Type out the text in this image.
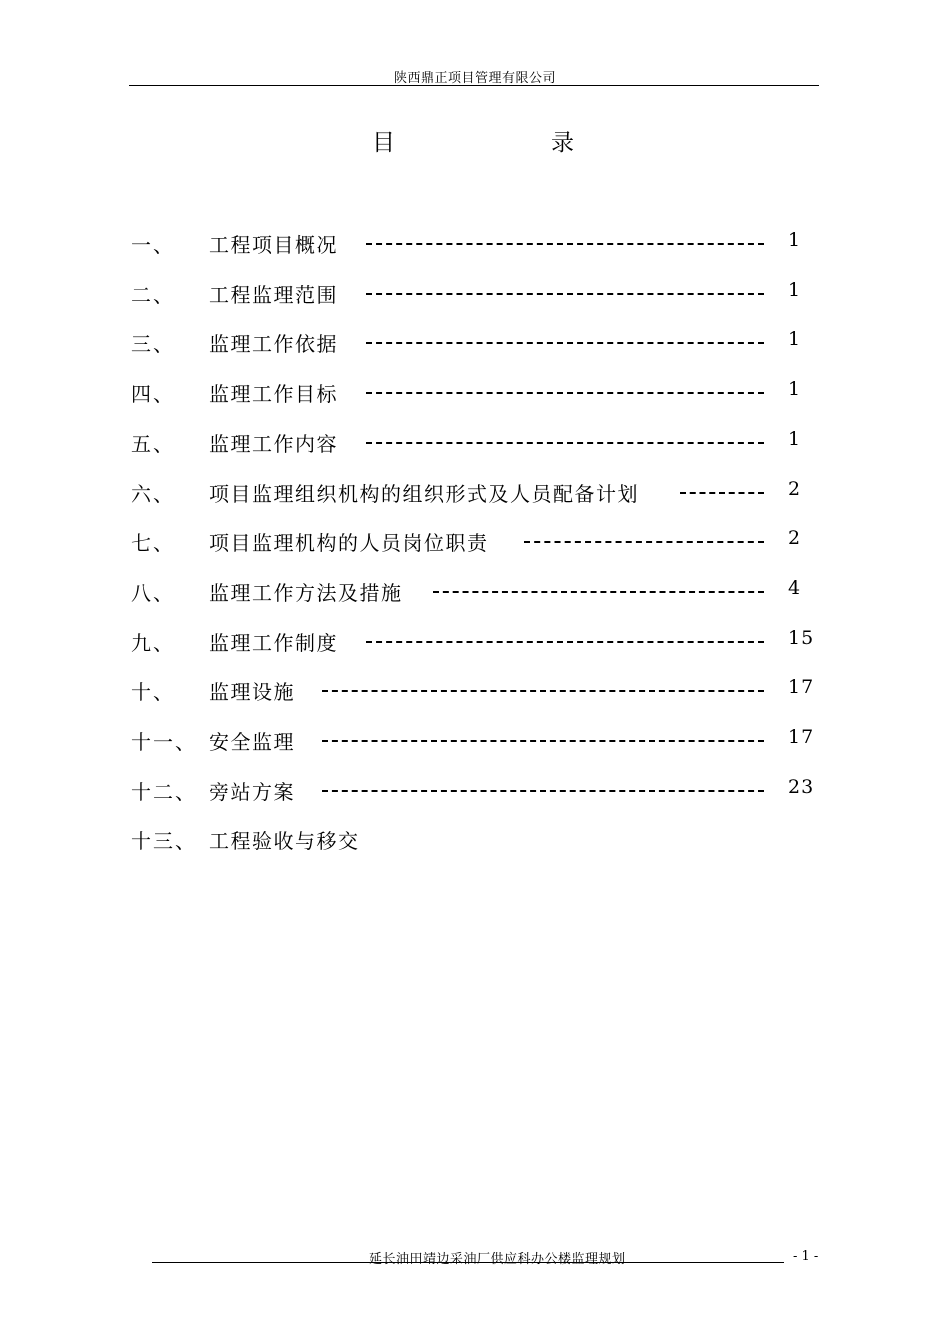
陕西鼎正项目管理有限公司
目	录
一、 工程项目概况	1
二、 工程监理范围	1
三、 监理工作依据	1
四、 监理工作目标	1
五、 监理工作内容	1
六、 项目监理组织机构的组织形式及人员配备计划	2
七、 项目监理机构的人员岗位职责	2
八、 监理工作方法及措施	4
九、 监理工作制度	15
十、 监理设施	17
十一、 安全监理	17
十二、 旁站方案	23
十三、 工程验收与移交
延长油田靖边采油厂供应科办公楼监理规划	- 1 -
